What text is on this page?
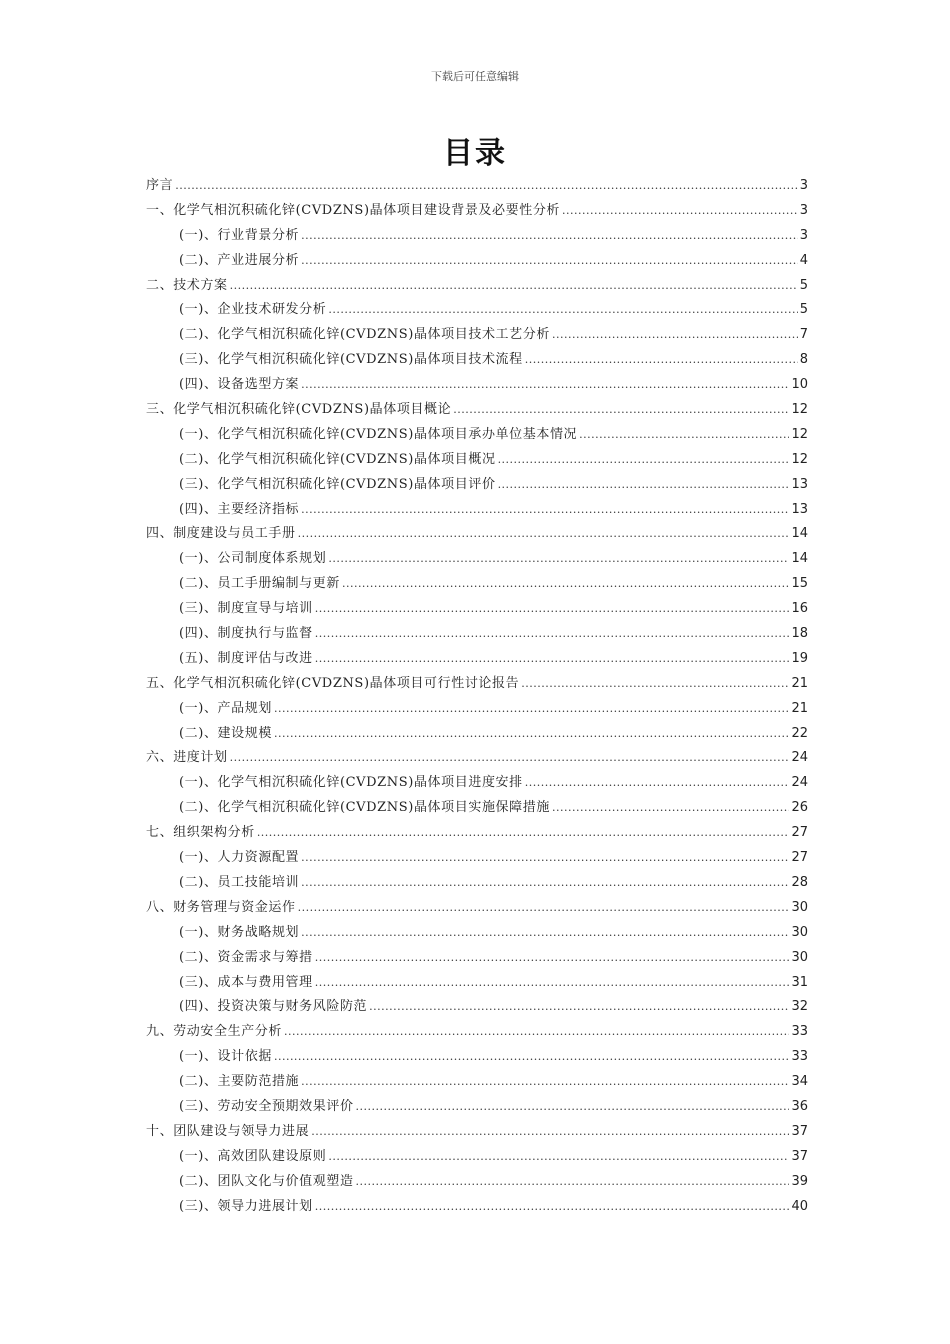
下载后可任意编辑
目录
序言 .....	3
一、化学气相沉积硫化锌(CVDZNS)晶体项目建设背景及必要性分析 .....	3
(一)、行业背景分析 .....	3
(二)、产业进展分析 .....	4
二、技术方案 .....	5
(一)、企业技术研发分析 .....	5
(二)、化学气相沉积硫化锌(CVDZNS)晶体项目技术工艺分析 .....	7
(三)、化学气相沉积硫化锌(CVDZNS)晶体项目技术流程 .....	8
(四)、设备选型方案 .....	10
三、化学气相沉积硫化锌(CVDZNS)晶体项目概论 .....	12
(一)、化学气相沉积硫化锌(CVDZNS)晶体项目承办单位基本情况 .....	12
(二)、化学气相沉积硫化锌(CVDZNS)晶体项目概况 .....	12
(三)、化学气相沉积硫化锌(CVDZNS)晶体项目评价 .....	13
(四)、主要经济指标 .....	13
四、制度建设与员工手册 .....	14
(一)、公司制度体系规划 .....	14
(二)、员工手册编制与更新 .....	15
(三)、制度宣导与培训 .....	16
(四)、制度执行与监督 .....	18
(五)、制度评估与改进 .....	19
五、化学气相沉积硫化锌(CVDZNS)晶体项目可行性讨论报告 .....	21
(一)、产品规划 .....	21
(二)、建设规模 .....	22
六、进度计划 .....	24
(一)、化学气相沉积硫化锌(CVDZNS)晶体项目进度安排 .....	24
(二)、化学气相沉积硫化锌(CVDZNS)晶体项目实施保障措施 .....	26
七、组织架构分析 .....	27
(一)、人力资源配置 .....	27
(二)、员工技能培训 .....	28
八、财务管理与资金运作 .....	30
(一)、财务战略规划 .....	30
(二)、资金需求与筹措 .....	30
(三)、成本与费用管理 .....	31
(四)、投资决策与财务风险防范 .....	32
九、劳动安全生产分析 .....	33
(一)、设计依据 .....	33
(二)、主要防范措施 .....	34
(三)、劳动安全预期效果评价 .....	36
十、团队建设与领导力进展 .....	37
(一)、高效团队建设原则 .....	37
(二)、团队文化与价值观塑造 .....	39
(三)、领导力进展计划 .....	40
